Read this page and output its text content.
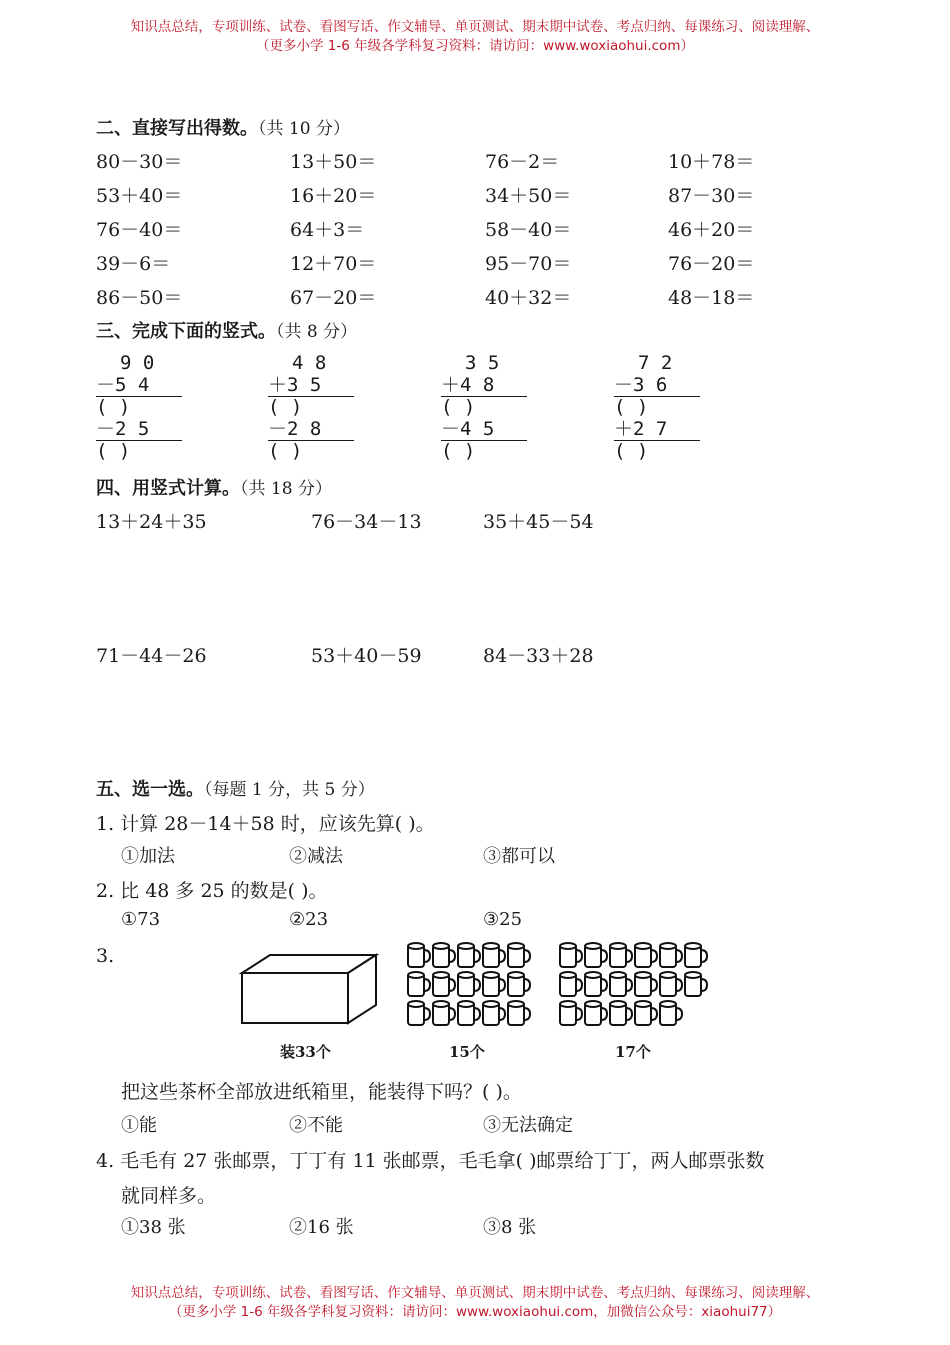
知识点总结，专项训练、试卷、看图写话、作文辅导、单页测试、期末期中试卷、考点归纳、每课练习、阅读理解、
（更多小学 1-6 年级各学科复习资料：请访问：www.woxiaohui.com）
二、直接写出得数。（共 10 分）
80－30＝	13＋50＝	76－2＝	10＋78＝
53＋40＝	16＋20＝	34＋50＝	87－30＝
76－40＝	64＋3＝	58－40＝	46＋20＝
39－6＝	12＋70＝	95－70＝	76－20＝
86－50＝	67－20＝	40＋32＝	48－18＝
三、完成下面的竖式。（共 8 分）
9 0
－5 4
( )
－2 5
( )
4 8
＋3 5
( )
－2 8
( )
3 5
＋4 8
( )
－4 5
( )
7 2
－3 6
( )
＋2 7
( )
四、用竖式计算。（共 18 分）
13＋24＋35	76－34－13	35＋45－54
71－44－26	53＋40－59	84－33＋28
五、选一选。（每题 1 分，共 5 分）
1. 计算 28－14＋58 时，应该先算( )。
①加法	②减法	③都可以
2. 比 48 多 25 的数是( )。
①73	②23	③25
3.
装33个	15个	17个
把这些茶杯全部放进纸箱里，能装得下吗？( )。
①能	②不能	③无法确定
4. 毛毛有 27 张邮票，丁丁有 11 张邮票，毛毛拿( )邮票给丁丁，两人邮票张数
就同样多。
①38 张	②16 张	③8 张
知识点总结，专项训练、试卷、看图写话、作文辅导、单页测试、期末期中试卷、考点归纳、每课练习、阅读理解、
（更多小学 1-6 年级各学科复习资料：请访问：www.woxiaohui.com，加微信公众号：xiaohui77）
